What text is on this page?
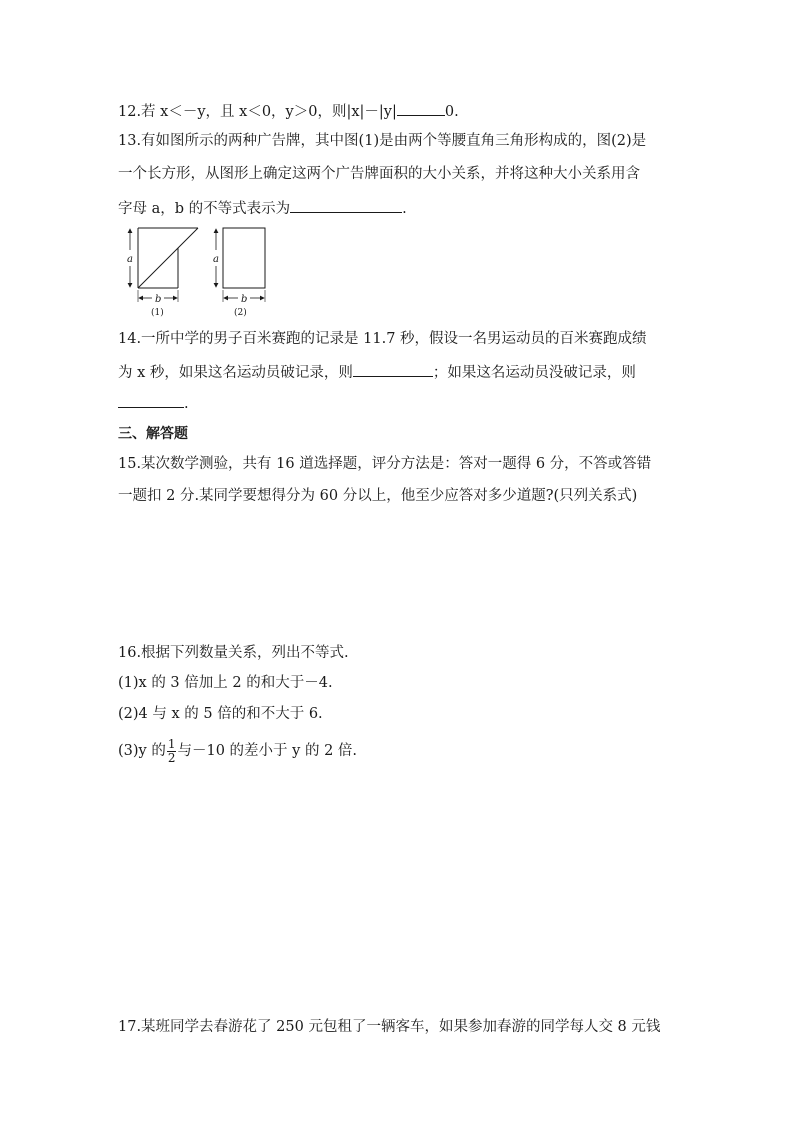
12.若 x＜－y，且 x＜0，y＞0，则|x|－|y|	0.
13.有如图所示的两种广告牌，其中图(1)是由两个等腰直角三角形构成的，图(2)是
一个长方形，从图形上确定这两个广告牌面积的大小关系，并将这种大小关系用含
字母 a，b 的不等式表示为	.
a
b
(1)
a
b
(2)
14.一所中学的男子百米赛跑的记录是 11.7 秒，假设一名男运动员的百米赛跑成绩
为 x 秒，如果这名运动员破记录，则	；如果这名运动员没破记录，则
.
三、解答题
15.某次数学测验，共有 16 道选择题，评分方法是：答对一题得 6 分，不答或答错
一题扣 2 分.某同学要想得分为 60 分以上，他至少应答对多少道题?(只列关系式)
16.根据下列数量关系，列出不等式.
(1)x 的 3 倍加上 2 的和大于－4.
(2)4 与 x 的 5 倍的和不大于 6.
(3)y 的 $\frac{1}{2}$ 与－10 的差小于 y 的 2 倍.
17.某班同学去春游花了 250 元包租了一辆客车，如果参加春游的同学每人交 8 元钱
